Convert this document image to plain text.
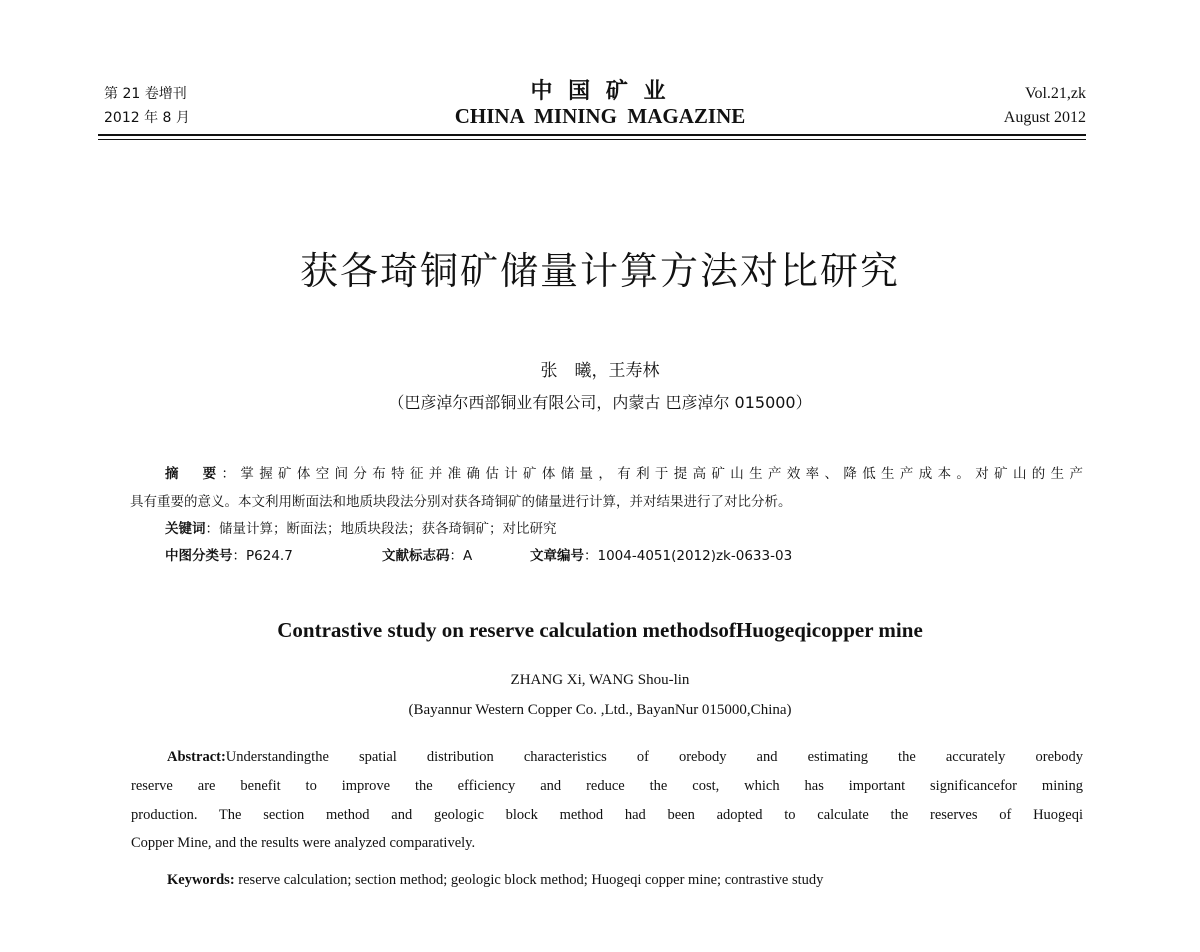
第 21 卷增刊
2012 年 8 月
中 国 矿 业
CHINA  MINING  MAGAZINE
Vol.21,zk
August 2012
获各琦铜矿储量计算方法对比研究
张　曦，王寿林
（巴彦淖尔西部铜业有限公司，内蒙古 巴彦淖尔 015000）
摘　要：掌握矿体空间分布特征并准确估计矿体储量，有利于提高矿山生产效率、降低生产成本。对矿山的生产
具有重要的意义。本文利用断面法和地质块段法分别对获各琦铜矿的储量进行计算，并对结果进行了对比分析。
关键词：储量计算；断面法；地质块段法；获各琦铜矿；对比研究
中图分类号：P624.7	文献标志码：A	文章编号：1004-4051(2012)zk-0633-03
Contrastive study on reserve calculation methodsofHuogeqicopper mine
ZHANG Xi, WANG Shou-lin
(Bayannur Western Copper Co. ,Ltd., BayanNur 015000,China)
Abstract:Understandingthe spatial distribution characteristics of orebody and estimating the accurately orebody
reserve are benefit to improve the efficiency and reduce the cost, which has important significancefor mining
production. The section method and geologic block method had been adopted to calculate the reserves of Huogeqi
Copper Mine, and the results were analyzed comparatively.
Keywords: reserve calculation; section method; geologic block method; Huogeqi copper mine; contrastive study
